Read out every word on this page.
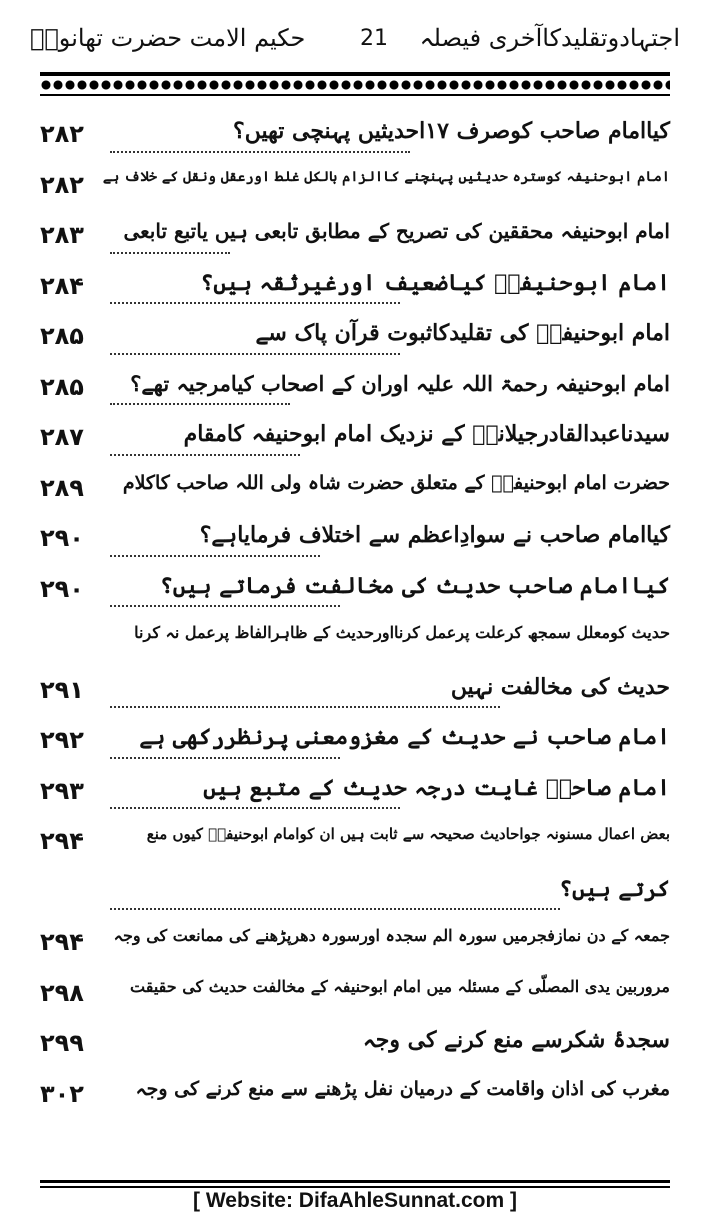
اجتہادوتقلیدکاآخری فیصلہ
21
حکیم الامت حضرت تھانویؒ
کیاامام صاحب کوصرف ۱۷احدیثیں پہنچی تھیں؟
۲۸۲
امام ابوحنیفہ کوسترہ حدیثیں پہنچنے کاالزام بالکل غلط اورعقل ونقل کے خلاف ہے
۲۸۲
امام ابوحنیفہ محققین کی تصریح کے مطابق تابعی ہیں یاتبع تابعی
۲۸۳
امام ابوحنیفہؒ کیاضعیف اورغیرثقہ ہیں؟
۲۸۴
امام ابوحنیفہؒ کی تقلیدکاثبوت قرآن پاک سے
۲۸۵
امام ابوحنیفہ رحمۃ اللہ علیہ اوران کے اصحاب کیامرجیہ تھے؟
۲۸۵
سیدناعبدالقادرجیلانیؒ کے نزدیک امام ابوحنیفہ کامقام
۲۸۷
حضرت امام ابوحنیفہؒ کے متعلق حضرت شاہ ولی اللہ صاحب کاکلام
۲۸۹
کیاامام صاحب نے سوادِاعظم سے اختلاف فرمایاہے؟
۲۹۰
کیاامام صاحب حدیث کی مخالفت فرماتے ہیں؟
۲۹۰
حدیث کومعلل سمجھ کرعلت پرعمل کرنااورحدیث کے ظاہرالفاظ پرعمل نہ کرنا
حدیث کی مخالفت نہیں
۲۹۱
امام صاحب نے حدیث کے مغزومعنی پرنظررکھی ہے
۲۹۲
امام صاحبؒ غایت درجہ حدیث کے متبع ہیں
۲۹۳
بعض اعمال مسنونہ جواحادیث صحیحہ سے ثابت ہیں ان کوامام ابوحنیفہؒ کیوں منع
۲۹۴
کرتے ہیں؟
جمعہ کے دن نمازفجرمیں سورہ الم سجدہ اورسورہ دھرپڑھنے کی ممانعت کی وجہ
۲۹۴
مروربین یدی المصلّی کے مسئلہ میں امام ابوحنیفہ کے مخالفت حدیث کی حقیقت
۲۹۸
سجدۂ شکرسے منع کرنے کی وجہ
۲۹۹
مغرب کی اذان واقامت کے درمیان نفل پڑھنے سے منع کرنے کی وجہ
۳۰۲
[ Website: DifaAhleSunnat.com ]
